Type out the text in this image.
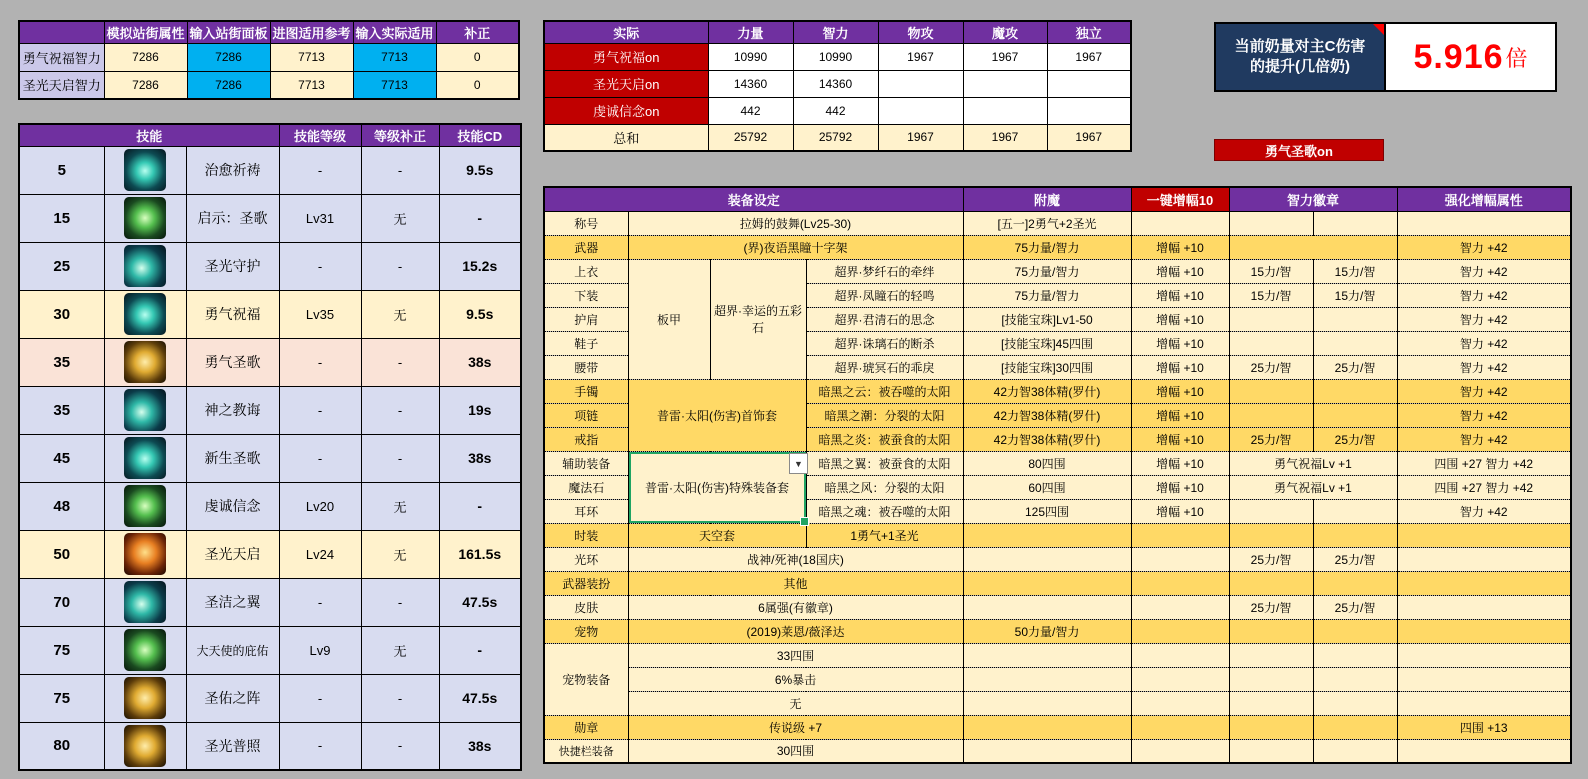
	模拟站街属性	输入站街面板	进图适用参考	输入实际适用	补正
勇气祝福智力	7286	7286	7713	7713	0
圣光天启智力	7286	7286	7713	7713	0
技能			技能等级	等级补正	技能CD
5		治愈祈祷	-	-	9.5s
15		启示：圣歌	Lv31	无	-
25		圣光守护	-	-	15.2s
30		勇气祝福	Lv35	无	9.5s
35		勇气圣歌	-	-	38s
35		神之教诲	-	-	19s
45		新生圣歌	-	-	38s
48		虔诚信念	Lv20	无	-
50		圣光天启	Lv24	无	161.5s
70		圣洁之翼	-	-	47.5s
75		大天使的庇佑	Lv9	无	-
75		圣佑之阵	-	-	47.5s
80		圣光普照	-	-	38s
实际	力量	智力	物攻	魔攻	独立
勇气祝福on	10990	10990	1967	1967	1967
圣光天启on	14360	14360			
虔诚信念on	442	442			
总和	25792	25792	1967	1967	1967
当前奶量对主C伤害的提升(几倍奶)	5.916 倍
勇气圣歌on
装备设定				附魔	一键增幅10	智力徽章		强化增幅属性
称号	拉姆的鼓舞(Lv25-30)			[五一]2勇气+2圣光				
武器	(界)夜语黑瞳十字架			75力量/智力	增幅 +10			智力 +42
上衣	板甲	超界·幸运的五彩石	超界·梦纤石的牵绊	75力量/智力	增幅 +10	15力/智	15力/智	智力 +42
下装			超界·凤瞳石的轻鸣	75力量/智力	增幅 +10	15力/智	15力/智	智力 +42
护肩			超界·君清石的思念	[技能宝珠]Lv1-50	增幅 +10			智力 +42
鞋子			超界·诛璃石的断杀	[技能宝珠]45四围	增幅 +10			智力 +42
腰带			超界·琥冥石的乖戾	[技能宝珠]30四围	增幅 +10	25力/智	25力/智	智力 +42
手镯	普雷·太阳(伤害)首饰套		暗黑之云：被吞噬的太阳	42力智38体精(罗什)	增幅 +10			智力 +42
项链			暗黑之潮：分裂的太阳	42力智38体精(罗什)	增幅 +10			智力 +42
戒指			暗黑之炎：被蚕食的太阳	42力智38体精(罗什)	增幅 +10	25力/智	25力/智	智力 +42
辅助装备	普雷·太阳(伤害)特殊装备套		暗黑之翼：被蚕食的太阳	80四围	增幅 +10	勇气祝福Lv +1		四围 +27 智力 +42
魔法石			暗黑之风：分裂的太阳	60四围	增幅 +10	勇气祝福Lv +1		四围 +27 智力 +42
耳环			暗黑之魂：被吞噬的太阳	125四围	增幅 +10			智力 +42
时装	天空套		1勇气+1圣光					
光环	战神/死神(18国庆)					25力/智	25力/智	
武器装扮	其他							
皮肤	6属强(有徽章)					25力/智	25力/智	
宠物	(2019)莱恩/薇泽达			50力量/智力				
宠物装备	33四围							
	6%暴击							
	无							
勋章	传说级 +7							四围 +13
快捷栏装备	30四围							
▼
